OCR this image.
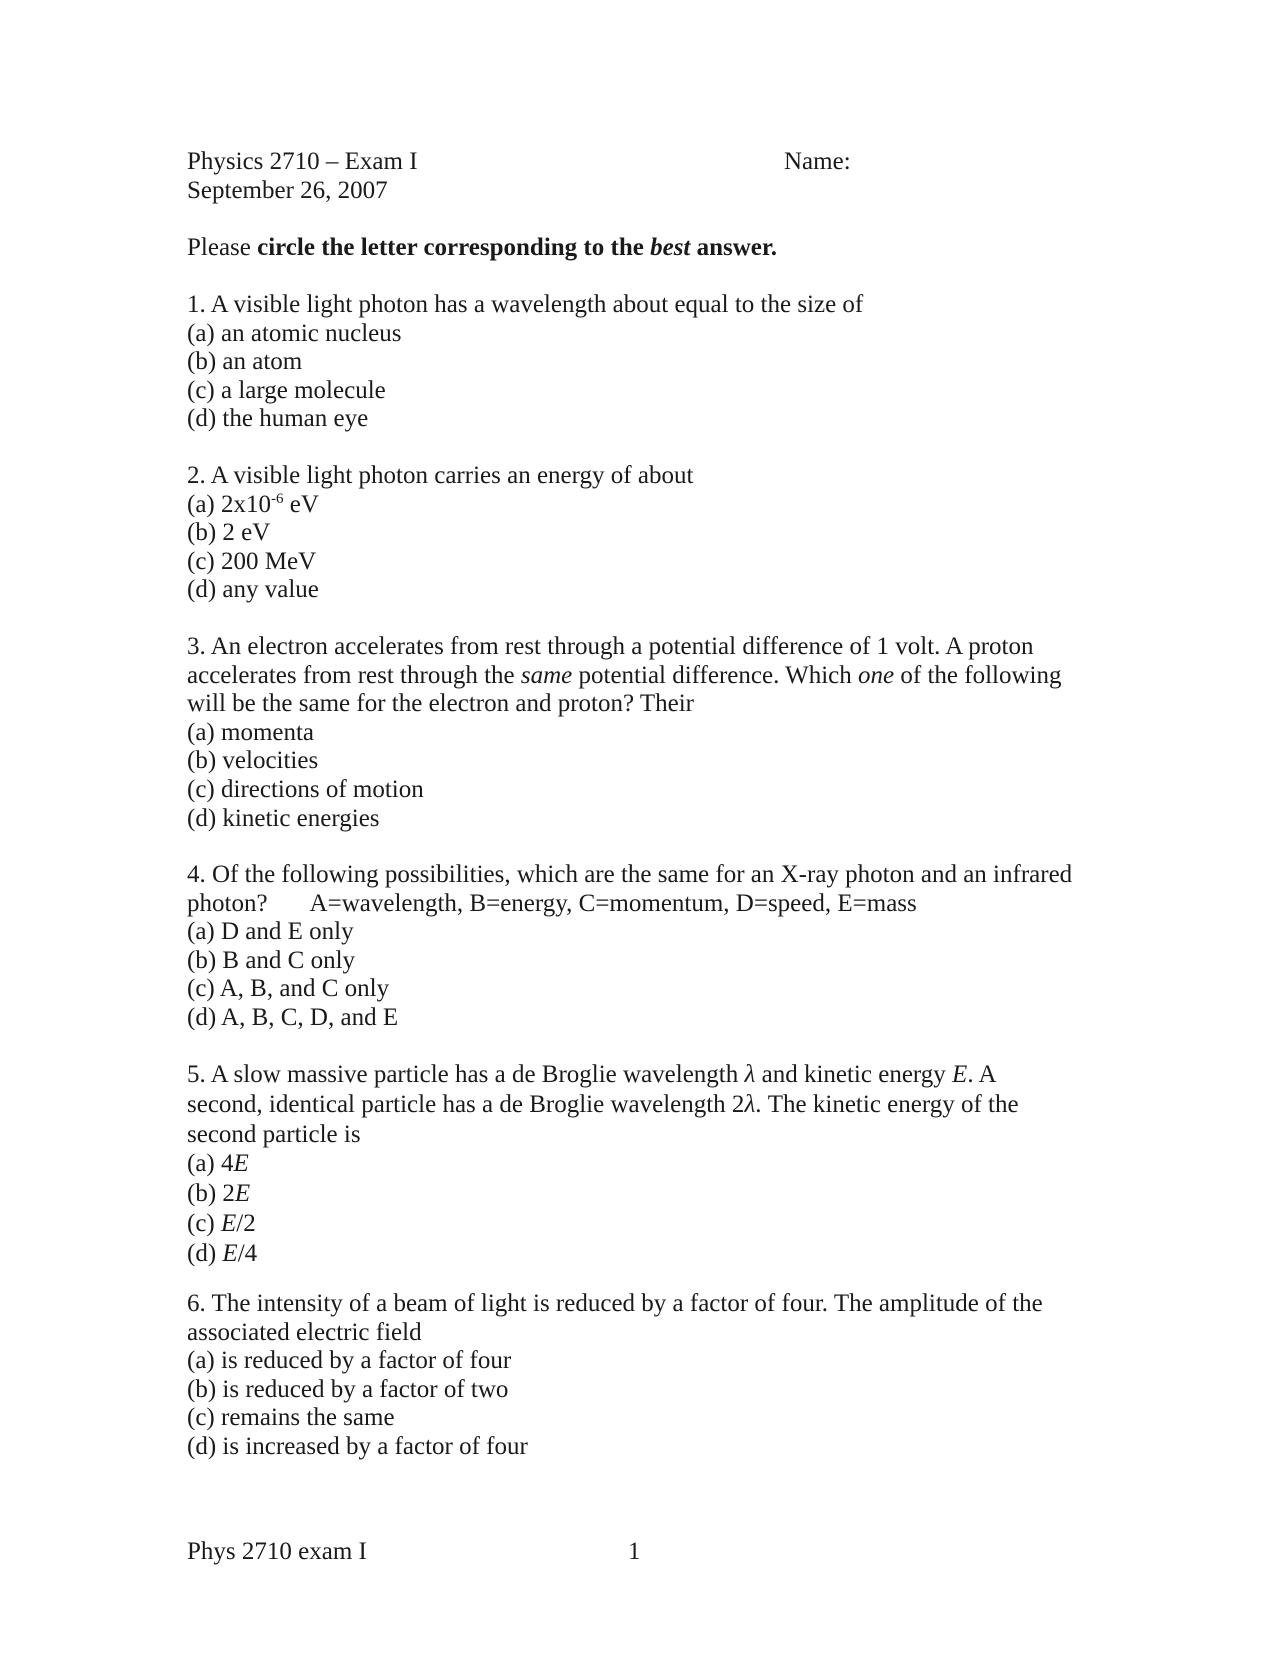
Physics 2710 – Exam I
September 26, 2007
Name:
Please circle the letter corresponding to the best answer.
1. A visible light photon has a wavelength about equal to the size of
(a) an atomic nucleus
(b) an atom
(c) a large molecule
(d) the human eye
2. A visible light photon carries an energy of about
(a) $2x10^{-6}$ eV
(b) 2 eV
(c) 200 MeV
(d) any value
3. An electron accelerates from rest through a potential difference of 1 volt. A proton
accelerates from rest through the same potential difference. Which one of the following
will be the same for the electron and proton? Their
(a) momenta
(b) velocities
(c) directions of motion
(d) kinetic energies
4. Of the following possibilities, which are the same for an X-ray photon and an infrared
photon? A=wavelength, B=energy, C=momentum, D=speed, E=mass
(a) D and E only
(b) B and C only
(c) A, B, and C only
(d) A, B, C, D, and E
5. A slow massive particle has a de Broglie wavelength λ and kinetic energy E. A
second, identical particle has a de Broglie wavelength 2λ. The kinetic energy of the
second particle is
(a) 4E
(b) 2E
(c) E/2
(d) E/4
6. The intensity of a beam of light is reduced by a factor of four. The amplitude of the
associated electric field
(a) is reduced by a factor of four
(b) is reduced by a factor of two
(c) remains the same
(d) is increased by a factor of four
Phys 2710 exam I	1
